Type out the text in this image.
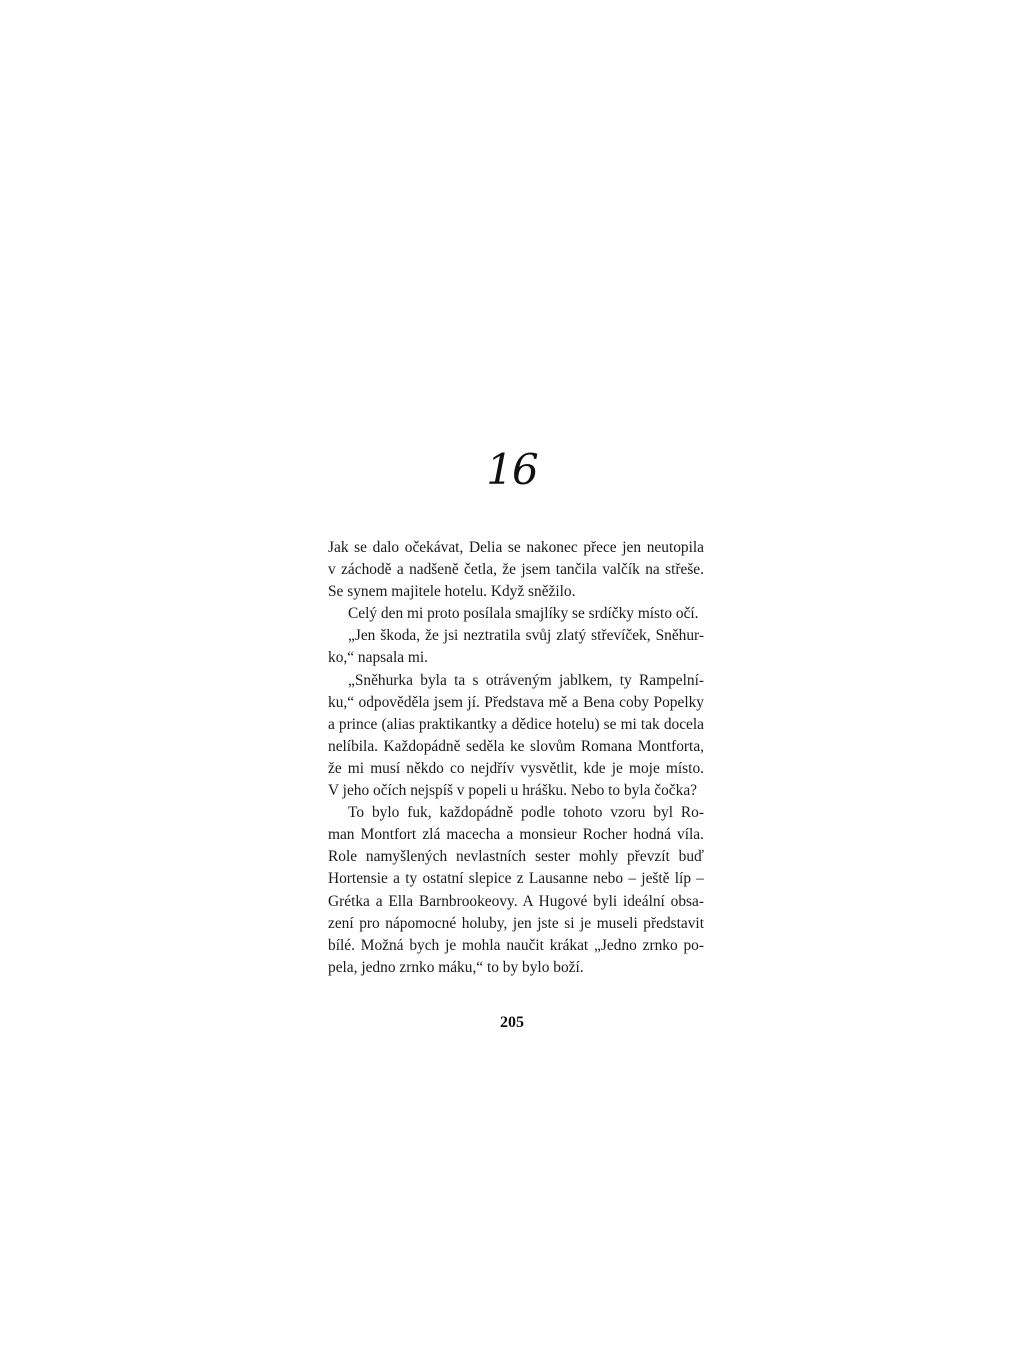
16
Jak se dalo očekávat, Delia se nakonec přece jen neutopila
v záchodě a nadšeně četla, že jsem tančila valčík na střeše.
Se synem majitele hotelu. Když sněžilo.
Celý den mi proto posílala smajlíky se srdíčky místo očí.
„Jen škoda, že jsi neztratila svůj zlatý střevíček, Sněhur-
ko,“ napsala mi.
„Sněhurka byla ta s otráveným jablkem, ty Rampelní-
ku,“ odpověděla jsem jí. Představa mě a Bena coby Popelky
a prince (alias praktikantky a dědice hotelu) se mi tak docela
nelíbila. Každopádně seděla ke slovům Romana Montforta,
že mi musí někdo co nejdřív vysvětlit, kde je moje místo.
V jeho očích nejspíš v popeli u hrášku. Nebo to byla čočka?
To bylo fuk, každopádně podle tohoto vzoru byl Ro-
man Montfort zlá macecha a monsieur Rocher hodná víla.
Role namyšlených nevlastních sester mohly převzít buď
Hortensie a ty ostatní slepice z Lausanne nebo – ještě líp –
Grétka a Ella Barnbrookeovy. A Hugové byli ideální obsa-
zení pro nápomocné holuby, jen jste si je museli představit
bílé. Možná bych je mohla naučit krákat „Jedno zrnko po-
pela, jedno zrnko máku,“ to by bylo boží.
205
